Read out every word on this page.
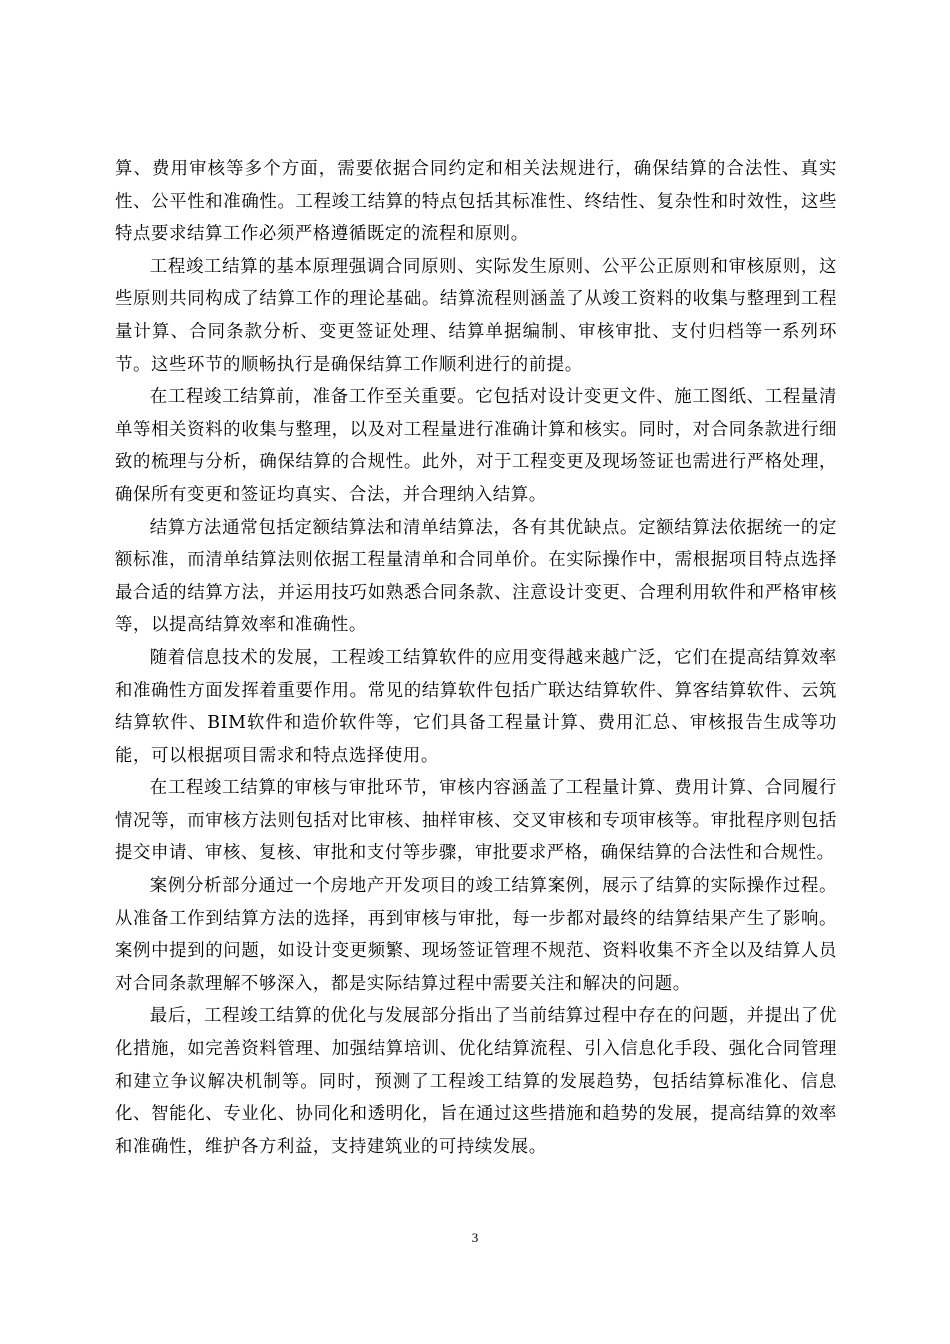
算、费用审核等多个方面，需要依据合同约定和相关法规进行，确保结算的合法性、真实性、公平性和准确性。工程竣工结算的特点包括其标准性、终结性、复杂性和时效性，这些特点要求结算工作必须严格遵循既定的流程和原则。

工程竣工结算的基本原理强调合同原则、实际发生原则、公平公正原则和审核原则，这些原则共同构成了结算工作的理论基础。结算流程则涵盖了从竣工资料的收集与整理到工程量计算、合同条款分析、变更签证处理、结算单据编制、审核审批、支付归档等一系列环节。这些环节的顺畅执行是确保结算工作顺利进行的前提。

在工程竣工结算前，准备工作至关重要。它包括对设计变更文件、施工图纸、工程量清单等相关资料的收集与整理，以及对工程量进行准确计算和核实。同时，对合同条款进行细致的梳理与分析，确保结算的合规性。此外，对于工程变更及现场签证也需进行严格处理，确保所有变更和签证均真实、合法，并合理纳入结算。

结算方法通常包括定额结算法和清单结算法，各有其优缺点。定额结算法依据统一的定额标准，而清单结算法则依据工程量清单和合同单价。在实际操作中，需根据项目特点选择最合适的结算方法，并运用技巧如熟悉合同条款、注意设计变更、合理利用软件和严格审核等，以提高结算效率和准确性。

随着信息技术的发展，工程竣工结算软件的应用变得越来越广泛，它们在提高结算效率和准确性方面发挥着重要作用。常见的结算软件包括广联达结算软件、算客结算软件、云筑结算软件、BIM软件和造价软件等，它们具备工程量计算、费用汇总、审核报告生成等功能，可以根据项目需求和特点选择使用。

在工程竣工结算的审核与审批环节，审核内容涵盖了工程量计算、费用计算、合同履行情况等，而审核方法则包括对比审核、抽样审核、交叉审核和专项审核等。审批程序则包括提交申请、审核、复核、审批和支付等步骤，审批要求严格，确保结算的合法性和合规性。

案例分析部分通过一个房地产开发项目的竣工结算案例，展示了结算的实际操作过程。从准备工作到结算方法的选择，再到审核与审批，每一步都对最终的结算结果产生了影响。案例中提到的问题，如设计变更频繁、现场签证管理不规范、资料收集不齐全以及结算人员对合同条款理解不够深入，都是实际结算过程中需要关注和解决的问题。

最后，工程竣工结算的优化与发展部分指出了当前结算过程中存在的问题，并提出了优化措施，如完善资料管理、加强结算培训、优化结算流程、引入信息化手段、强化合同管理和建立争议解决机制等。同时，预测了工程竣工结算的发展趋势，包括结算标准化、信息化、智能化、专业化、协同化和透明化，旨在通过这些措施和趋势的发展，提高结算的效率和准确性，维护各方利益，支持建筑业的可持续发展。

3
